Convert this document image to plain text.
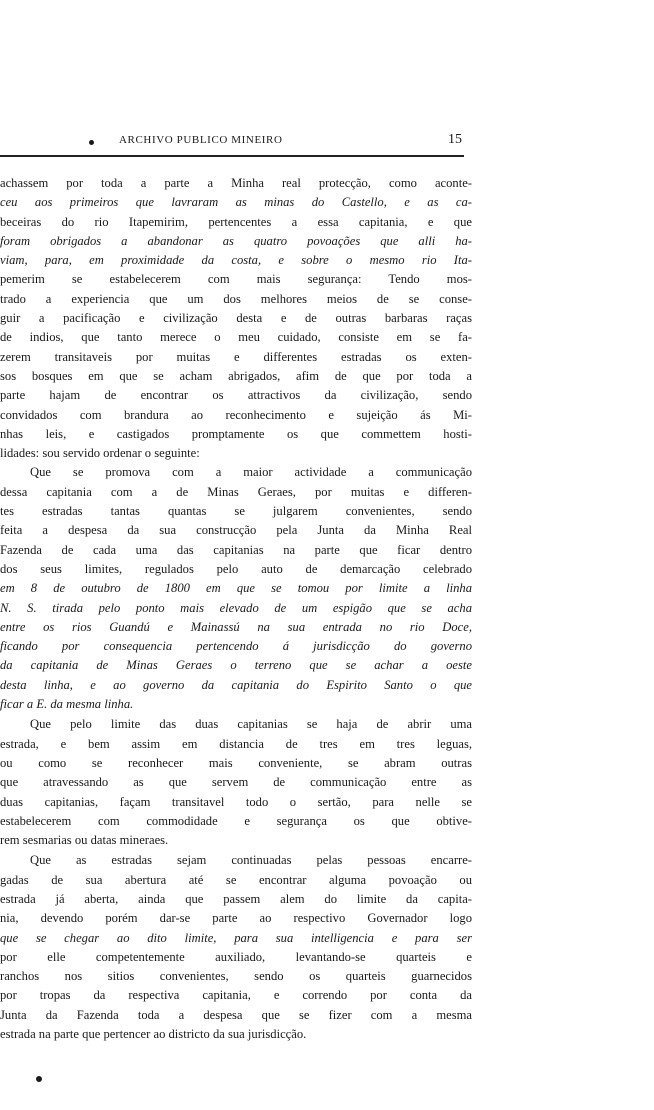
ARCHIVO PUBLICO MINEIRO	15
achassem por toda a parte a Minha real protecção, como aconte-
ceu aos primeiros que lavraram as minas do Castello, e as ca-
beceiras do rio Itapemirim, pertencentes a essa capitania, e que
foram obrigados a abandonar as quatro povoações que alli ha-
viam, para, em proximidade da costa, e sobre o mesmo rio Ita-
pemerim se estabelecerem com mais segurança: Tendo mos-
trado a experiencia que um dos melhores meios de se conse-
guir a pacificação e civilização desta e de outras barbaras raças
de indios, que tanto merece o meu cuidado, consiste em se fa-
zerem transitaveis por muitas e differentes estradas os exten-
sos bosques em que se acham abrigados, afim de que por toda a
parte hajam de encontrar os attractivos da civilização, sendo
convidados com brandura ao reconhecimento e sujeição ás Mi-
nhas leis, e castigados promptamente os que commettem hosti-
lidades: sou servido ordenar o seguinte:
Que se promova com a maior actividade a communicação
dessa capitania com a de Minas Geraes, por muitas e differen-
tes estradas tantas quantas se julgarem convenientes, sendo
feita a despesa da sua construcção pela Junta da Minha Real
Fazenda de cada uma das capitanias na parte que ficar dentro
dos seus limites, regulados pelo auto de demarcação celebrado
em 8 de outubro de 1800 em que se tomou por limite a linha
N. S. tirada pelo ponto mais elevado de um espigão que se acha
entre os rios Guandú e Mainassú na sua entrada no rio Doce,
ficando por consequencia pertencendo á jurisdicção do governo
da capitania de Minas Geraes o terreno que se achar a oeste
desta linha, e ao governo da capitania do Espirito Santo o que
ficar a E. da mesma linha.
Que pelo limite das duas capitanias se haja de abrir uma
estrada, e bem assim em distancia de tres em tres leguas,
ou como se reconhecer mais conveniente, se abram outras
que atravessando as que servem de communicação entre as
duas capitanias, façam transitavel todo o sertão, para nelle se
estabelecerem com commodidade e segurança os que obtive-
rem sesmarias ou datas mineraes.
Que as estradas sejam continuadas pelas pessoas encarre-
gadas de sua abertura até se encontrar alguma povoação ou
estrada já aberta, ainda que passem alem do limite da capita-
nia, devendo porém dar-se parte ao respectivo Governador logo
que se chegar ao dito limite, para sua intelligencia e para ser
por elle competentemente auxiliado, levantando-se quarteis e
ranchos nos sitios convenientes, sendo os quarteis guarnecidos
por tropas da respectiva capitania, e correndo por conta da
Junta da Fazenda toda a despesa que se fizer com a mesma
estrada na parte que pertencer ao districto da sua jurisdicção.
